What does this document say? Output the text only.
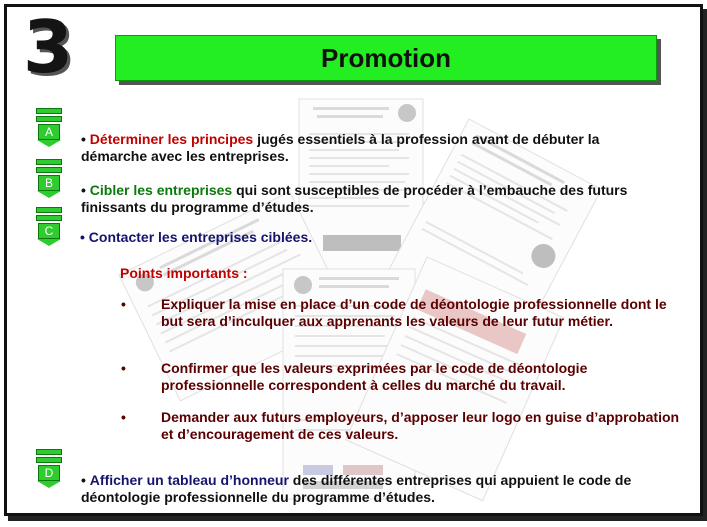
3	Promotion
A
B
C
D
• Déterminer les principes jugés essentiels à la profession avant de débuter la démarche avec les entreprises.
• Cibler les entreprises qui sont susceptibles de procéder à l’embauche des futurs finissants du programme d’études.
• Contacter les entreprises ciblées.
Points importants :
•	Expliquer la mise en place d’un code de déontologie professionnelle dont le but sera d’inculquer aux apprenants les valeurs de leur futur métier.
•	Confirmer que les valeurs exprimées par le code de déontologie professionnelle correspondent à celles du marché du travail.
•	Demander aux futurs employeurs, d’apposer leur logo en guise d’approbation et d’encouragement de ces valeurs.
• Afficher un tableau d’honneur des différentes entreprises qui appuient le code de déontologie professionnelle du programme d’études.
